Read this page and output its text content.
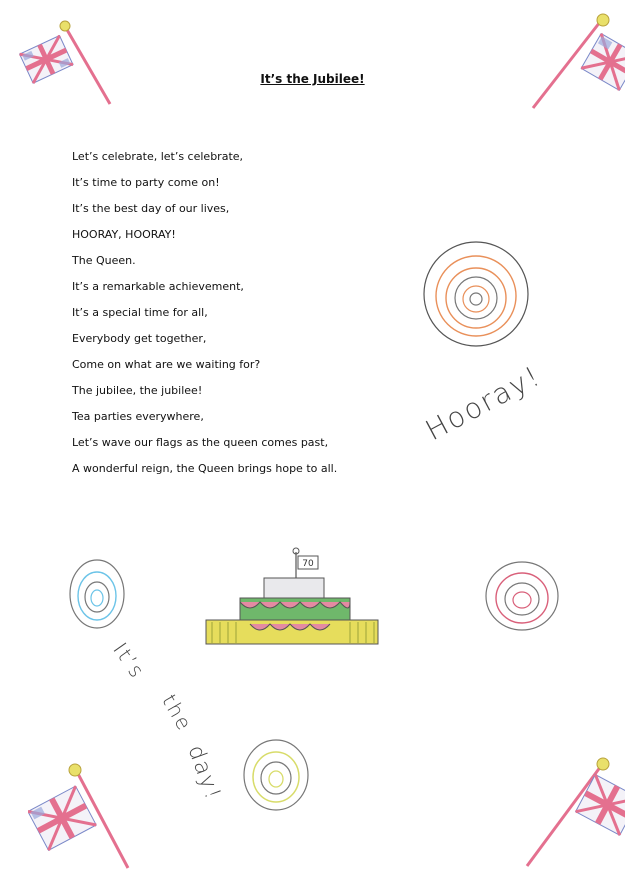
It’s the Jubilee!
Let’s celebrate, let’s celebrate,
It’s time to party come on!
It’s the best day of our lives,
HOORAY, HOORAY!
The Queen.
It’s a remarkable achievement,
It’s a special time for all,
Everybody get together,
Come on what are we waiting for?
The jubilee, the jubilee!
Tea parties everywhere,
Let’s wave our flags as the queen comes past,
A wonderful reign, the Queen brings hope to all.
70
Hooray!
It’s
the
day!
